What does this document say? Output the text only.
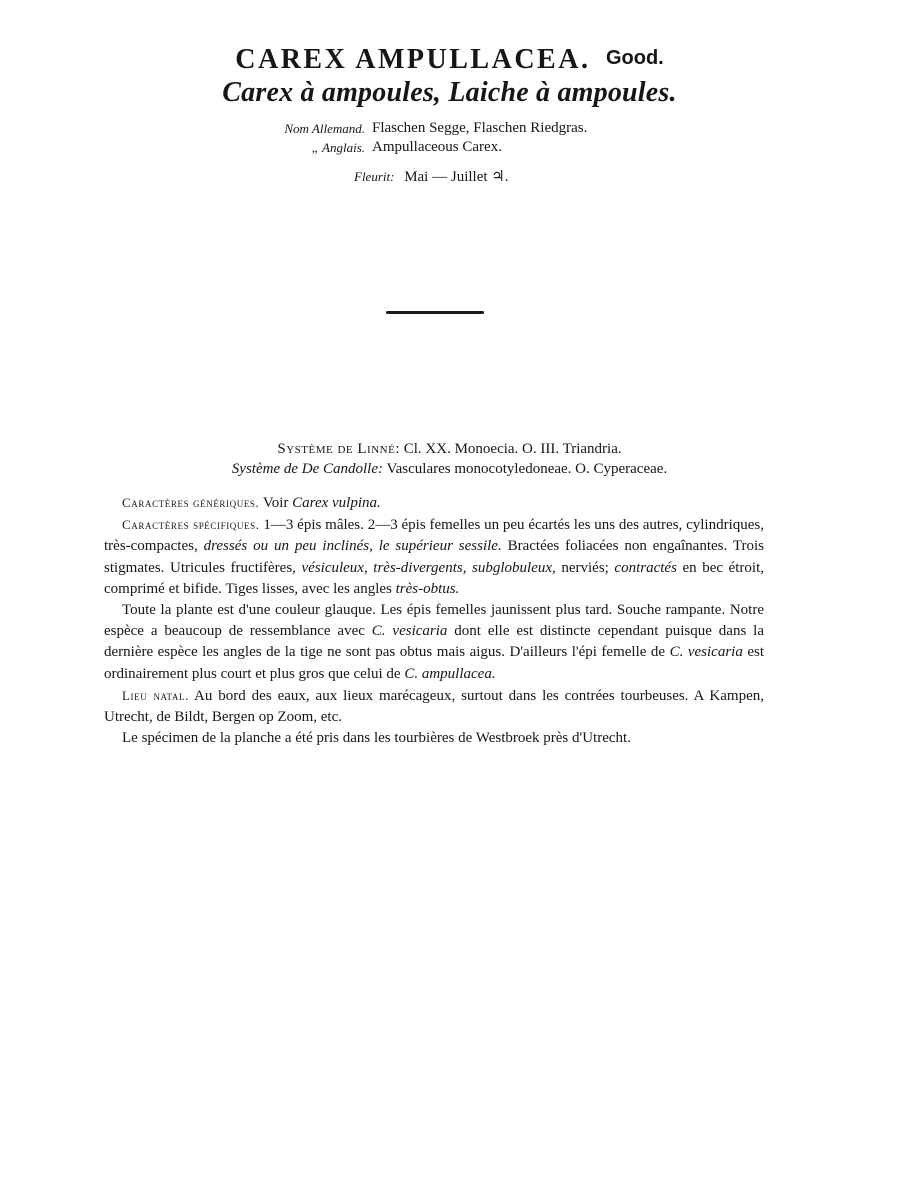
CAREX AMPULLACEA. Good.
Carex à ampoules, Laiche à ampoules.
Nom Allemand. Flaschen Segge, Flaschen Riedgras.
„ Anglais. Ampullaceous Carex.
Fleurit: Mai — Juillet ♃.
Système de Linné: Cl. XX. Monoecia. O. III. Triandria.
Système de De Candolle: Vasculares monocotyledoneae. O. Cyperaceae.

Caractères génériques. Voir Carex vulpina.

Caractères spécifiques. 1—3 épis mâles. 2—3 épis femelles un peu écartés les uns des autres, cylindriques, très-compactes, dressés ou un peu inclinés, le supérieur sessile. Bractées foliacées non engaînantes. Trois stigmates. Utricules fructifères, vésiculeux, très-divergents, subglobuleux, nerviés; contractés en bec étroit, comprimé et bifide. Tiges lisses, avec les angles très-obtus.

Toute la plante est d'une couleur glauque. Les épis femelles jaunissent plus tard. Souche rampante. Notre espèce a beaucoup de ressemblance avec C. vesicaria dont elle est distincte cependant puisque dans la dernière espèce les angles de la tige ne sont pas obtus mais aigus. D'ailleurs l'épi femelle de C. vesicaria est ordinairement plus court et plus gros que celui de C. ampullacea.

Lieu natal. Au bord des eaux, aux lieux marécageux, surtout dans les contrées tourbeuses. A Kampen, Utrecht, de Bildt, Bergen op Zoom, etc.

Le spécimen de la planche a été pris dans les tourbières de Westbroek près d'Utrecht.
